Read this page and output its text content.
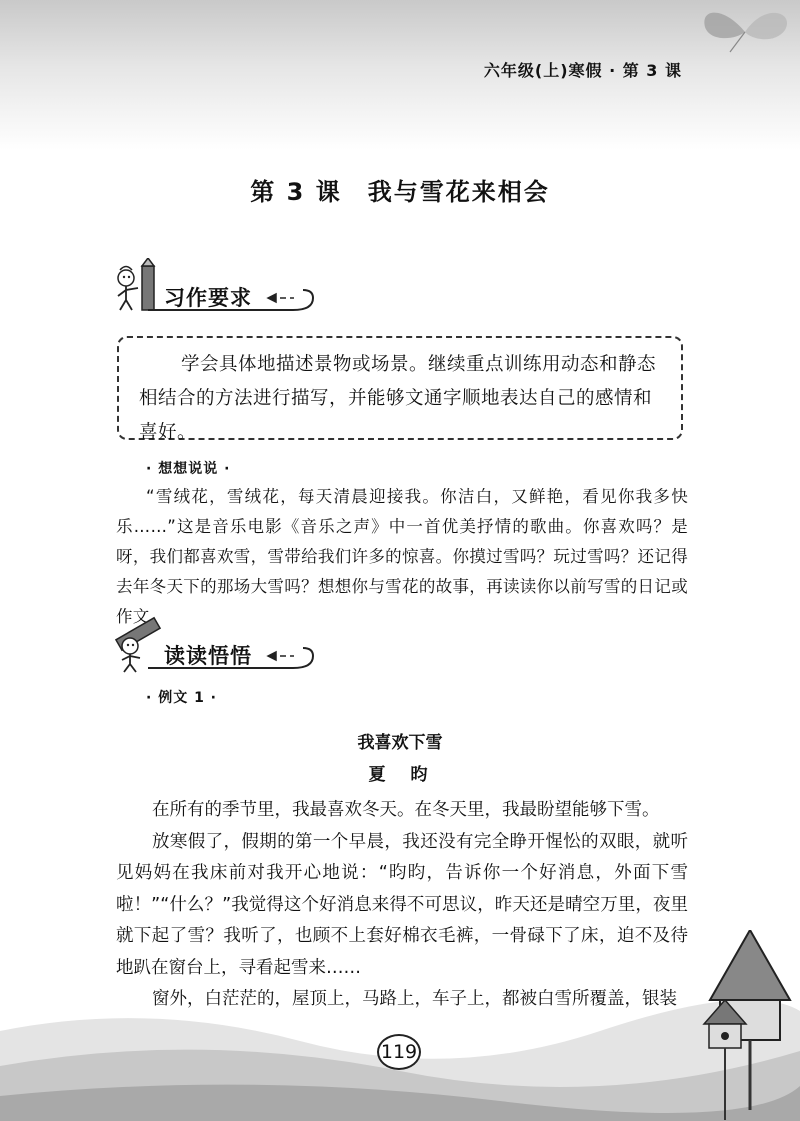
六年级(上)寒假 · 第 3 课
第 3 课　我与雪花来相会
习作要求
学会具体地描述景物或场景。继续重点训练用动态和静态相结合的方法进行描写，并能够文通字顺地表达自己的感情和喜好。
· 想想说说 ·
“雪绒花，雪绒花，每天清晨迎接我。你洁白，又鲜艳，看见你我多快乐……”这是音乐电影《音乐之声》中一首优美抒情的歌曲。你喜欢吗？是呀，我们都喜欢雪，雪带给我们许多的惊喜。你摸过雪吗？玩过雪吗？还记得去年冬天下的那场大雪吗？想想你与雪花的故事，再读读你以前写雪的日记或作文。
读读悟悟
· 例文 1 ·
我喜欢下雪
夏　昀

在所有的季节里，我最喜欢冬天。在冬天里，我最盼望能够下雪。

放寒假了，假期的第一个早晨，我还没有完全睁开惺忪的双眼，就听见妈妈在我床前对我开心地说：“昀昀，告诉你一个好消息，外面下雪啦！”“什么？”我觉得这个好消息来得不可思议，昨天还是晴空万里，夜里就下起了雪？我听了，也顾不上套好棉衣毛裤，一骨碌下了床，迫不及待地趴在窗台上，寻看起雪来……

窗外，白茫茫的，屋顶上，马路上，车子上，都被白雪所覆盖，银装

119
